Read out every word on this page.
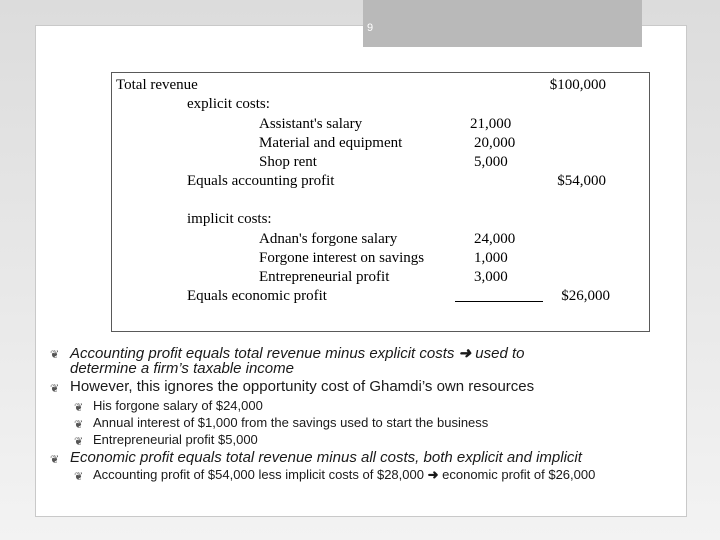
9
Total revenue	$100,000
explicit costs:
Assistant's salary	21,000
Material and equipment	20,000
Shop rent	5,000
Equals accounting profit	$54,000
implicit costs:
Adnan's forgone salary	24,000
Forgone interest on savings	1,000
Entrepreneurial profit	3,000
Equals economic profit	$26,000
❦ Accounting profit equals total revenue minus explicit costs ➜ used to
determine a firm’s taxable income
❦ However, this ignores the opportunity cost of Ghamdi’s own resources
❦ His forgone salary of $24,000
❦ Annual interest of $1,000 from the savings used to start the business
❦ Entrepreneurial profit $5,000
❦ Economic profit equals total revenue minus all costs, both explicit and implicit
❦ Accounting profit of $54,000 less implicit costs of $28,000 ➜ economic profit of $26,000
